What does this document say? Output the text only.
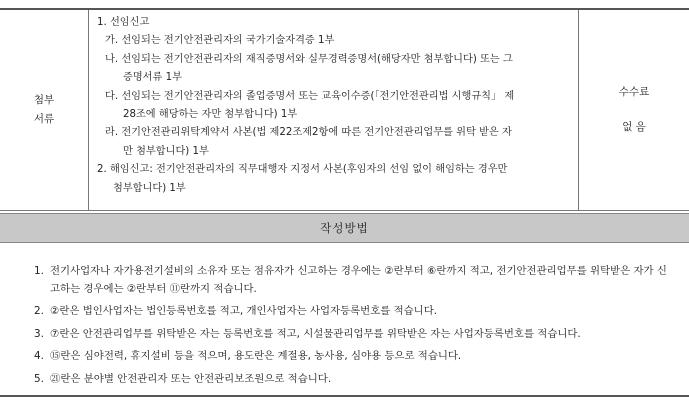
첨부
서류

1. 선임신고

가. 선임되는 전기안전관리자의 국가기술자격증 1부

나. 선임되는 전기안전관리자의 재직증명서와 실무경력증명서(해당자만 첨부합니다) 또는 그

증명서류 1부

다. 선임되는 전기안전관리자의 졸업증명서 또는 교육이수증(「전기안전관리법 시행규칙」 제

28조에 해당하는 자만 첨부합니다) 1부

라. 전기안전관리위탁계약서 사본(법 제22조제2항에 따른 전기안전관리업무를 위탁 받은 자

만 첨부합니다) 1부

2. 해임신고: 전기안전관리자의 직무대행자 지정서 사본(후임자의 선임 없이 해임하는 경우만

첨부합니다) 1부

수수료
없 음
작성방법
1. 전기사업자나 자가용전기설비의 소유자 또는 점유자가 신고하는 경우에는 ②란부터 ⑥란까지 적고, 전기안전관리업무를 위탁받은 자가 신고하는 경우에는 ②란부터 ⑪란까지 적습니다.
2. ②란은 법인사업자는 법인등록번호를 적고, 개인사업자는 사업자등록번호를 적습니다.
3. ⑦란은 안전관리업무를 위탁받은 자는 등록번호를 적고, 시설물관리업무를 위탁받은 자는 사업자등록번호를 적습니다.
4. ⑮란은 심야전력, 휴지설비 등을 적으며, 용도란은 계절용, 농사용, 심야용 등으로 적습니다.
5. ㉑란은 분야별 안전관리자 또는 안전관리보조원으로 적습니다.
